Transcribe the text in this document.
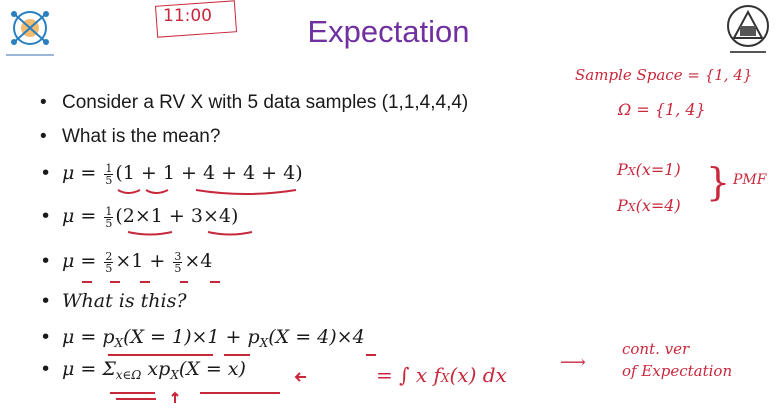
11:00	Expectation
• Consider a RV X with 5 data samples (1,1,4,4,4)
• What is the mean?
• $\mu = \frac{1}{5} (1 + 1 + 4 + 4 + 4)$
• $\mu = \frac{1}{5} (2\times 1 + 3\times 4)$
• $\mu = \frac{2}{5} \times 1 + \frac{3}{5} \times 4$
• What is this?
• $\mu = p_X(X = 1)\times 1 + p_X(X = 4)\times 4$
• $\mu = \Sigma_{x\in\Omega}$ $xp_X(X = x)$
Sample Space = {1, 4}
Ω = {1, 4}
PX(x=1)
PX(x=4)
} PMF
= ∫ x fX(x) dx
⟶
cont. ver
of Expectation
